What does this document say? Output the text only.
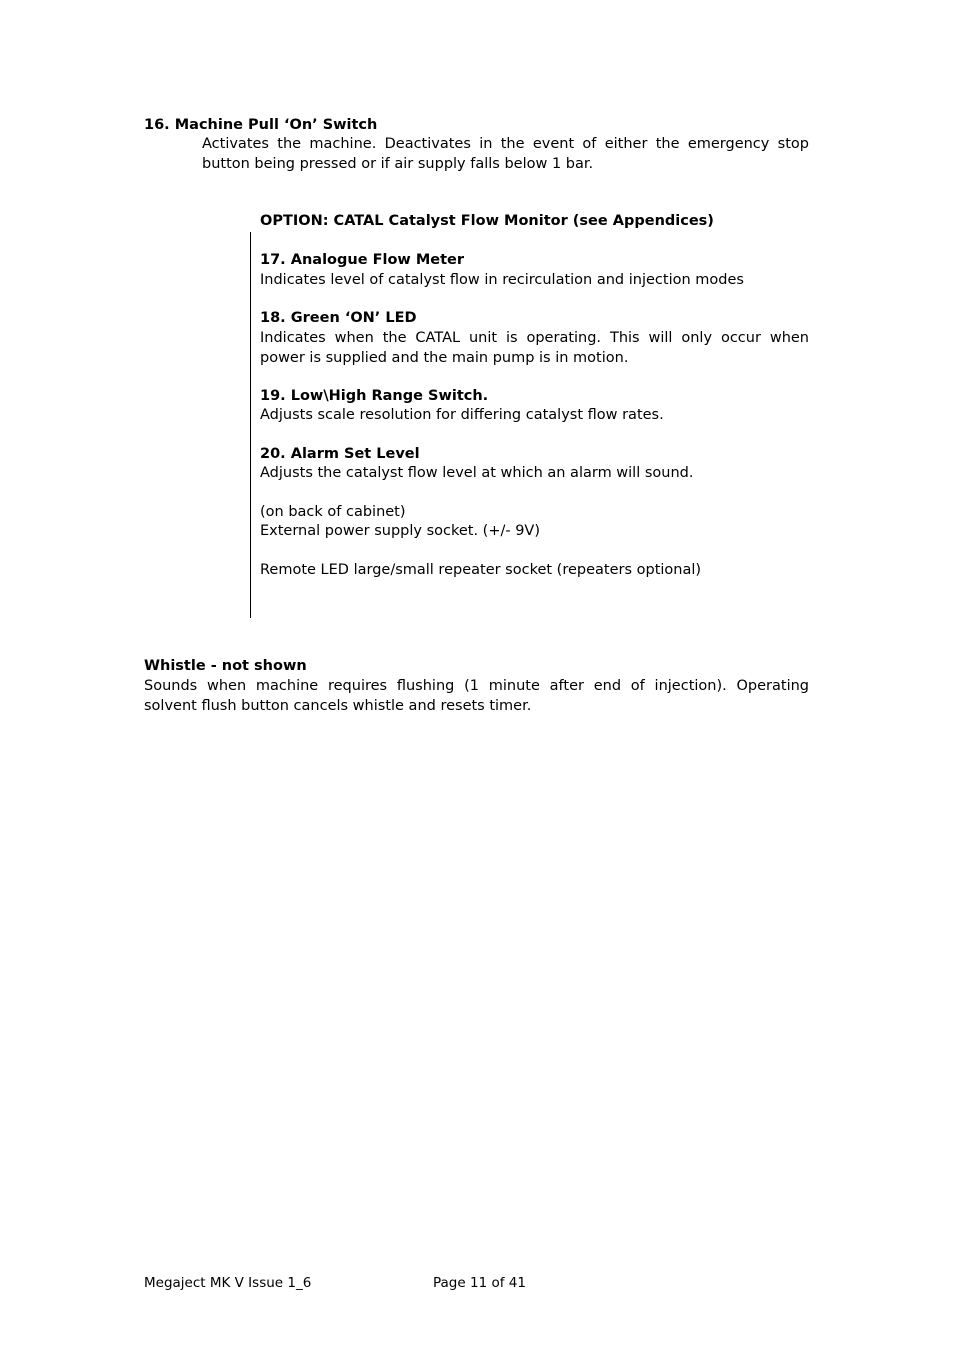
16. Machine Pull ‘On’ Switch

Activates the machine. Deactivates in the event of either the emergency stop button being pressed or if air supply falls below 1 bar.

OPTION: CATAL Catalyst Flow Monitor (see Appendices)
17. Analogue Flow Meter

Indicates level of catalyst flow in recirculation and injection modes

18. Green ‘ON’ LED

Indicates when the CATAL unit is operating. This will only occur when power is supplied and the main pump is in motion.

19. Low\High Range Switch.

Adjusts scale resolution for differing catalyst flow rates.

20. Alarm Set Level

Adjusts the catalyst flow level at which an alarm will sound.

(on back of cabinet)

External power supply socket. (+/- 9V)

Remote LED large/small repeater socket (repeaters optional)

Whistle - not shown

Sounds when machine requires flushing (1 minute after end of injection). Operating solvent flush button cancels whistle and resets timer.

Megaject MK V Issue 1_6	Page 11 of 41
